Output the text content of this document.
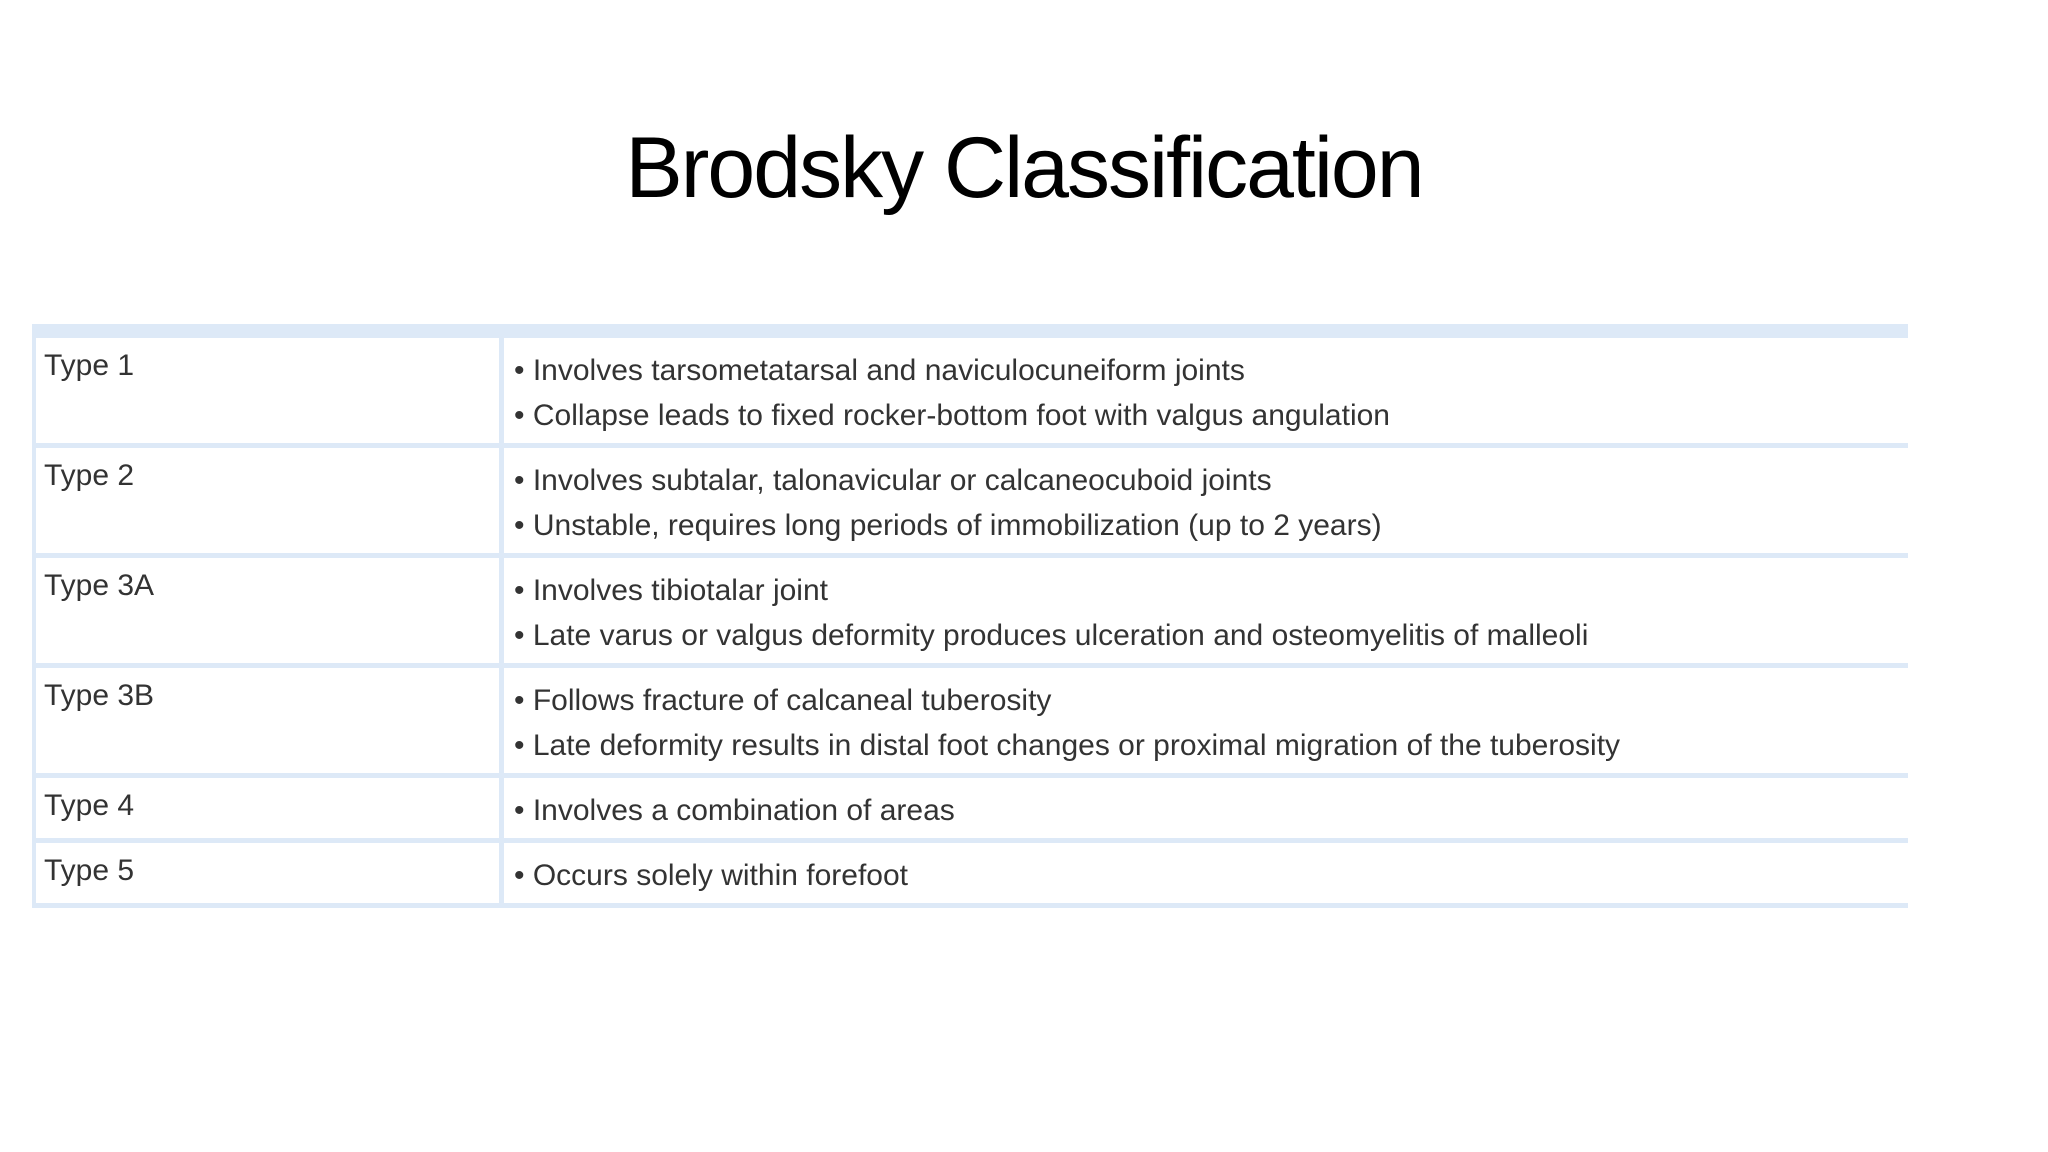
Brodsky Classification
Type 1	• Involves tarsometatarsal and naviculocuneiform joints
• Collapse leads to fixed rocker-bottom foot with valgus angulation
Type 2	• Involves subtalar, talonavicular or calcaneocuboid joints
• Unstable, requires long periods of immobilization (up to 2 years)
Type 3A	• Involves tibiotalar joint
• Late varus or valgus deformity produces ulceration and osteomyelitis of malleoli
Type 3B	• Follows fracture of calcaneal tuberosity
• Late deformity results in distal foot changes or proximal migration of the tuberosity
Type 4	• Involves a combination of areas
Type 5	• Occurs solely within forefoot
